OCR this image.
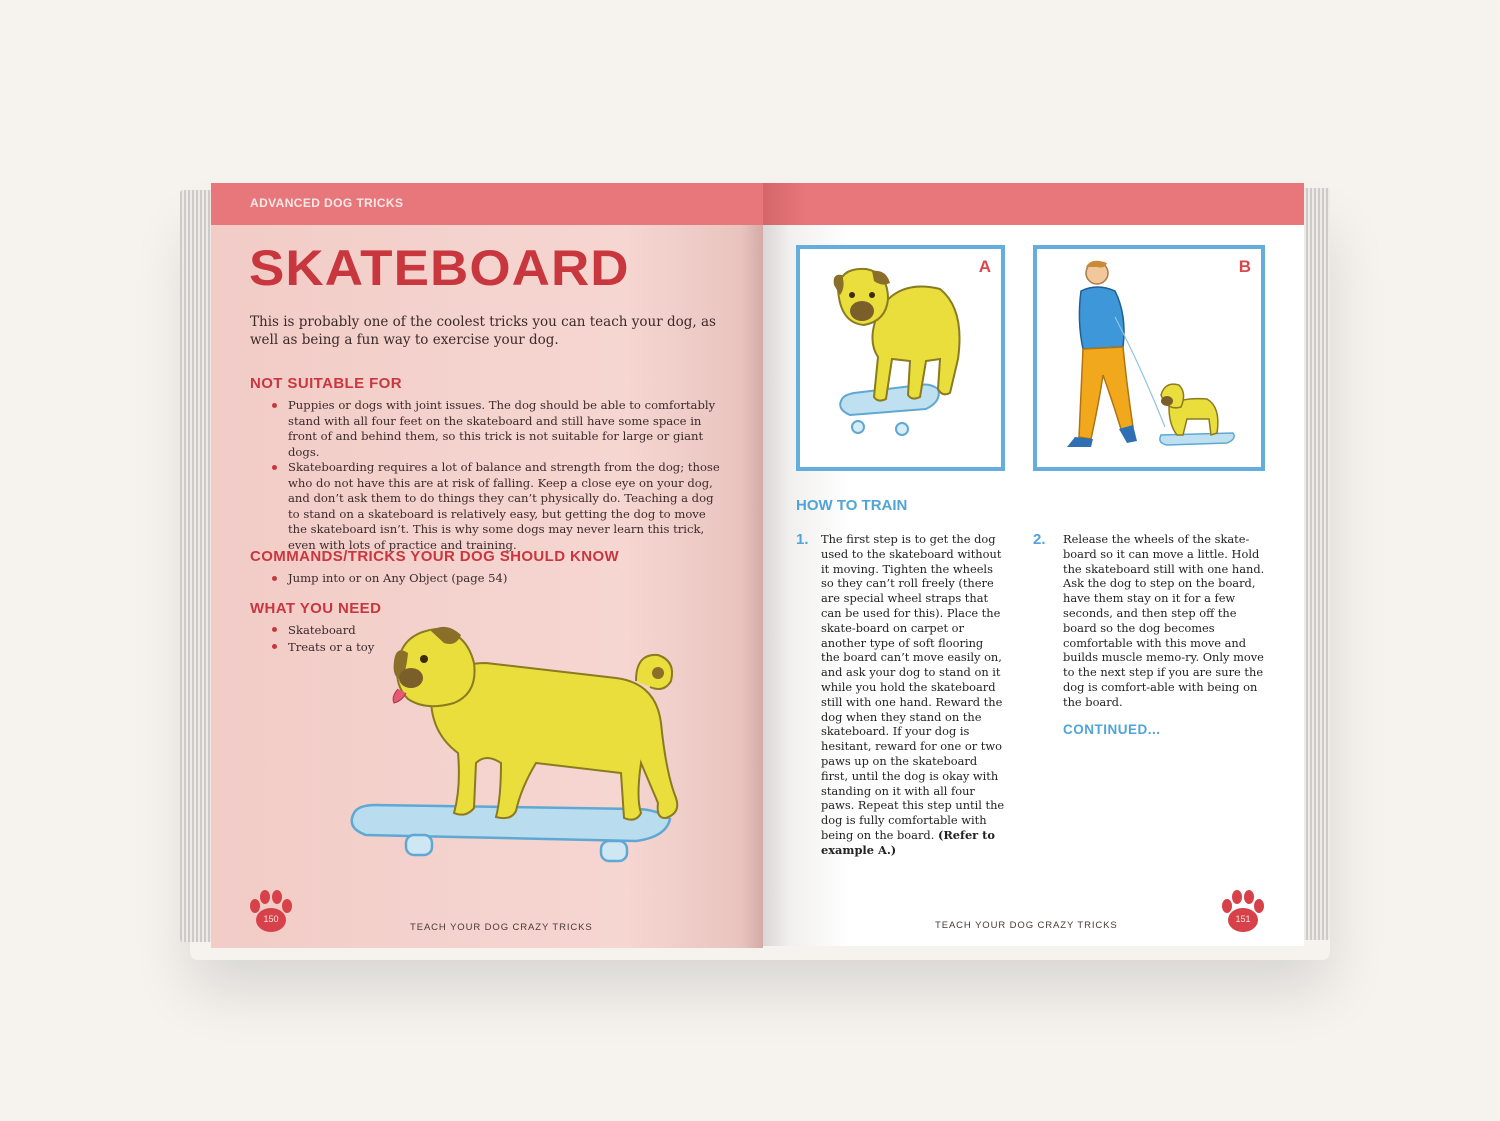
ADVANCED DOG TRICKS
SKATEBOARD

This is probably one of the coolest tricks you can teach your dog, as well as being a fun way to exercise your dog.

NOT SUITABLE FOR
Puppies or dogs with joint issues. The dog should be able to comfortably stand with all four feet on the skateboard and still have some space in front of and behind them, so this trick is not suitable for large or giant dogs.
Skateboarding requires a lot of balance and strength from the dog; those who do not have this are at risk of falling. Keep a close eye on your dog, and don’t ask them to do things they can’t physically do. Teaching a dog to stand on a skateboard is relatively easy, but getting the dog to move the skateboard isn’t. This is why some dogs may never learn this trick, even with lots of practice and training.
COMMANDS/TRICKS YOUR DOG SHOULD KNOW
Jump into or on Any Object (page 54)
WHAT YOU NEED
Skateboard
Treats or a toy
150
TEACH YOUR DOG CRAZY TRICKS
A	B
HOW TO TRAIN
1. The first step is to get the dog used to the skateboard without it moving. Tighten the wheels so they can’t roll freely (there are special wheel straps that can be used for this). Place the skate-board on carpet or another type of soft flooring the board can’t move easily on, and ask your dog to stand on it while you hold the skateboard still with one hand. Reward the dog when they stand on the skateboard. If your dog is hesitant, reward for one or two paws up on the skateboard first, until the dog is okay with standing on it with all four paws. Repeat this step until the dog is fully comfortable with being on the board. (Refer to example A.)

2. Release the wheels of the skate-board so it can move a little. Hold the skateboard still with one hand. Ask the dog to step on the board, have them stay on it for a few seconds, and then step off the board so the dog becomes comfortable with this move and builds muscle memo-ry. Only move to the next step if you are sure the dog is comfort-able with being on the board.

CONTINUED...
TEACH YOUR DOG CRAZY TRICKS
151
